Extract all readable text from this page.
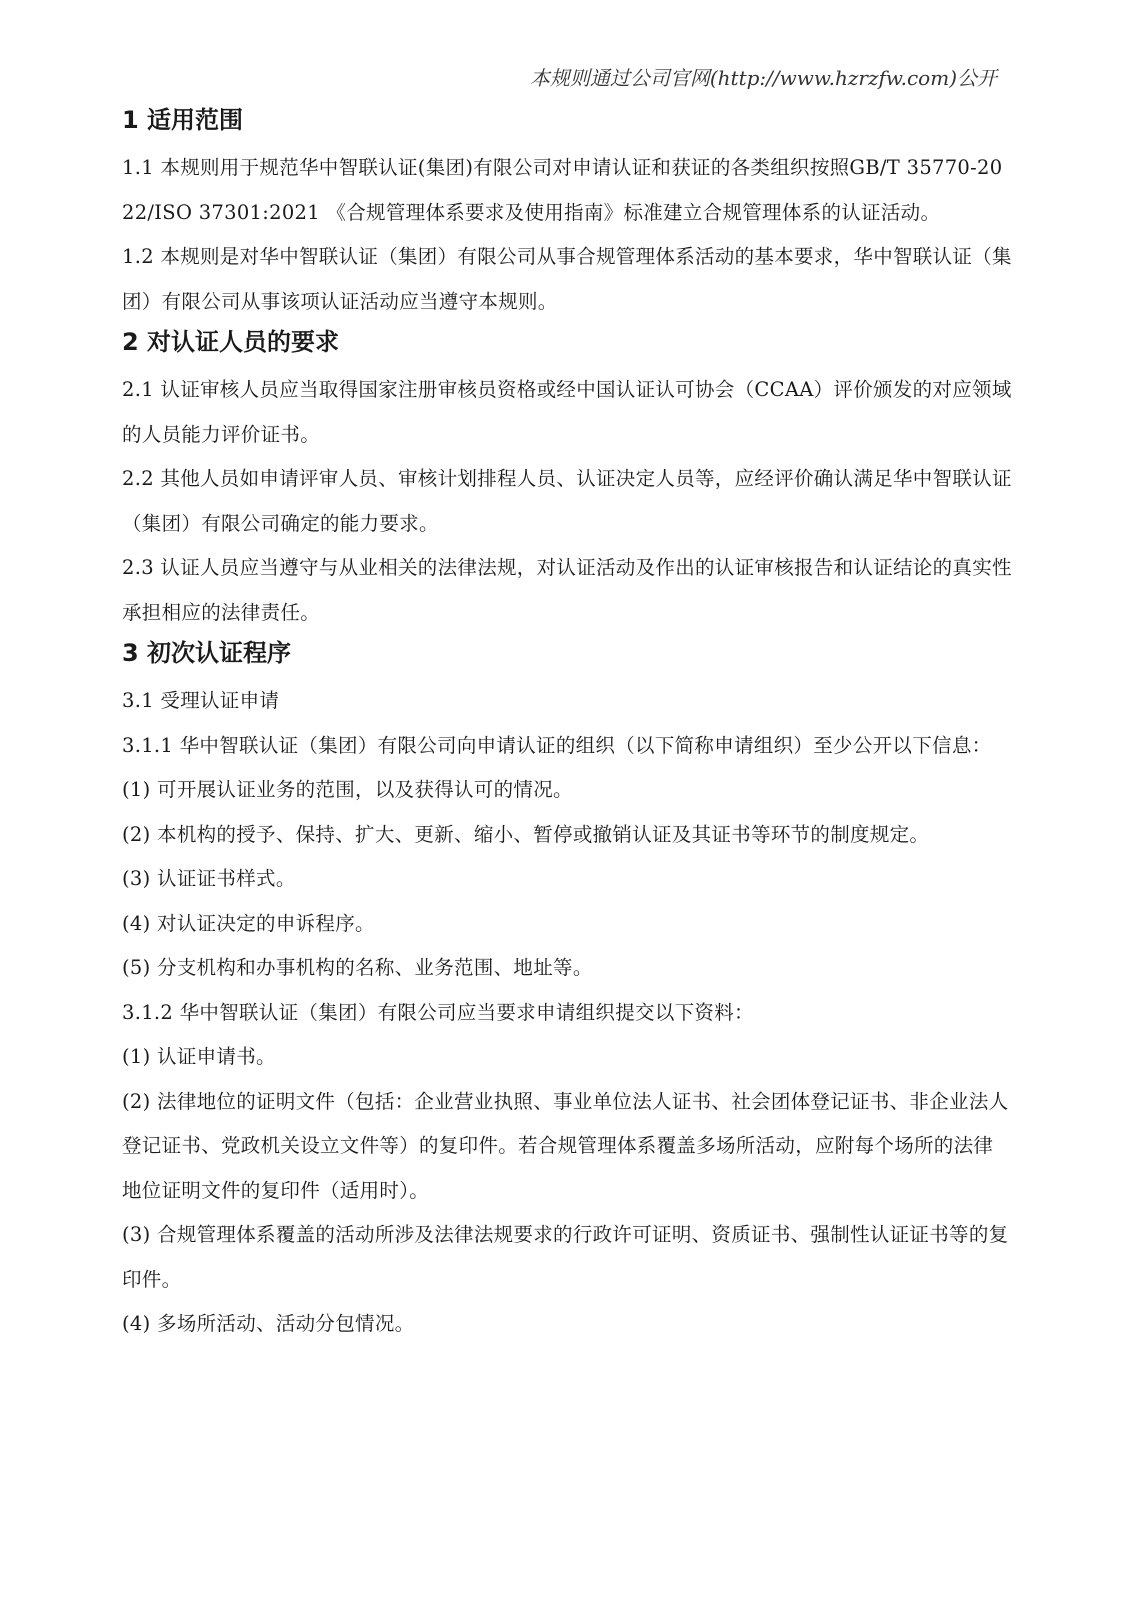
本规则通过公司官网(http://www.hzrzfw.com)公开
1 适用范围

1.1 本规则用于规范华中智联认证(集团)有限公司对申请认证和获证的各类组织按照GB/T 35770-2022/ISO 37301:2021 《合规管理体系要求及使用指南》标准建立合规管理体系的认证活动。

1.2 本规则是对华中智联认证（集团）有限公司从事合规管理体系活动的基本要求，华中智联认证（集团）有限公司从事该项认证活动应当遵守本规则。

2 对认证人员的要求

2.1 认证审核人员应当取得国家注册审核员资格或经中国认证认可协会（CCAA）评价颁发的对应领域的人员能力评价证书。

2.2 其他人员如申请评审人员、审核计划排程人员、认证决定人员等，应经评价确认满足华中智联认证（集团）有限公司确定的能力要求。

2.3 认证人员应当遵守与从业相关的法律法规，对认证活动及作出的认证审核报告和认证结论的真实性承担相应的法律责任。

3 初次认证程序

3.1 受理认证申请

3.1.1 华中智联认证（集团）有限公司向申请认证的组织（以下简称申请组织）至少公开以下信息：

(1) 可开展认证业务的范围，以及获得认可的情况。

(2) 本机构的授予、保持、扩大、更新、缩小、暂停或撤销认证及其证书等环节的制度规定。

(3) 认证证书样式。

(4) 对认证决定的申诉程序。

(5) 分支机构和办事机构的名称、业务范围、地址等。

3.1.2 华中智联认证（集团）有限公司应当要求申请组织提交以下资料：

(1) 认证申请书。

(2) 法律地位的证明文件（包括：企业营业执照、事业单位法人证书、社会团体登记证书、非企业法人登记证书、党政机关设立文件等）的复印件。若合规管理体系覆盖多场所活动，应附每个场所的法律地位证明文件的复印件（适用时）。

(3) 合规管理体系覆盖的活动所涉及法律法规要求的行政许可证明、资质证书、强制性认证证书等的复印件。

(4) 多场所活动、活动分包情况。
